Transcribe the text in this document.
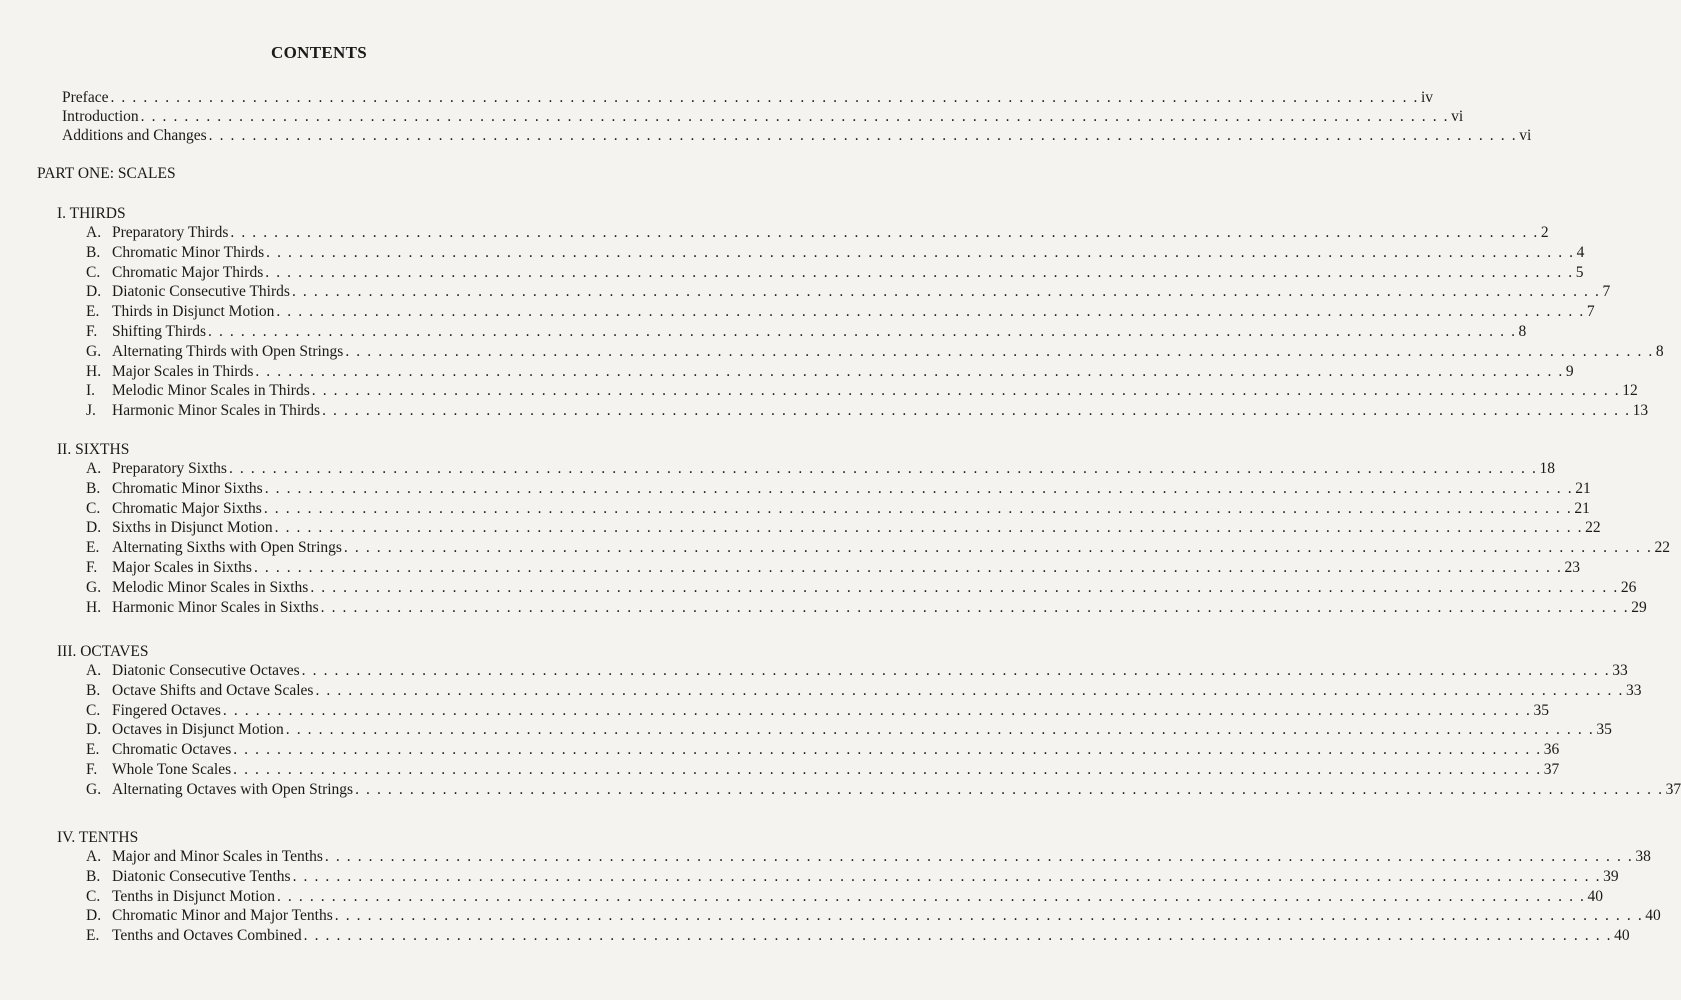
CONTENTS
Preface . . . . . . . . . . . . . . . . . . . . . . . . . . . . . . . . . . . . . . . . . . . . . . . . . . . . . . . . . . . . . . . . . . . . . . . . . . . . . . . . . . . . . . . . . . . . . . . . . . . . . . . . . . . . . . . . . . . . . . . . iv
Introduction . . . . . . . . . . . . . . . . . . . . . . . . . . . . . . . . . . . . . . . . . . . . . . . . . . . . . . . . . . . . . . . . . . . . . . . . . . . . . . . . . . . . . . . . . . . . . . . . . . . . . . . . . . . . . . . . . . . . . . . . vi
Additions and Changes . . . . . . . . . . . . . . . . . . . . . . . . . . . . . . . . . . . . . . . . . . . . . . . . . . . . . . . . . . . . . . . . . . . . . . . . . . . . . . . . . . . . . . . . . . . . . . . . . . . . . . . . . . . . . . . . . . . . . . . . vi
PART ONE: SCALES
I. THIRDS
A. Preparatory Thirds . . . . . . . . . . . . . . . . . . . . . . . . . . . . . . . . . . . . . . . . . . . . . . . . . . . . . . . . . . . . . . . . . . . . . . . . . . . . . . . . . . . . . . . . . . . . . . . . . . . . . . . . . . . . . . . . . . . . . . . . 2
B. Chromatic Minor Thirds . . . . . . . . . . . . . . . . . . . . . . . . . . . . . . . . . . . . . . . . . . . . . . . . . . . . . . . . . . . . . . . . . . . . . . . . . . . . . . . . . . . . . . . . . . . . . . . . . . . . . . . . . . . . . . . . . . . . . . . . 4
C. Chromatic Major Thirds . . . . . . . . . . . . . . . . . . . . . . . . . . . . . . . . . . . . . . . . . . . . . . . . . . . . . . . . . . . . . . . . . . . . . . . . . . . . . . . . . . . . . . . . . . . . . . . . . . . . . . . . . . . . . . . . . . . . . . . . 5
D. Diatonic Consecutive Thirds . . . . . . . . . . . . . . . . . . . . . . . . . . . . . . . . . . . . . . . . . . . . . . . . . . . . . . . . . . . . . . . . . . . . . . . . . . . . . . . . . . . . . . . . . . . . . . . . . . . . . . . . . . . . . . . . . . . . . . . . 7
E. Thirds in Disjunct Motion . . . . . . . . . . . . . . . . . . . . . . . . . . . . . . . . . . . . . . . . . . . . . . . . . . . . . . . . . . . . . . . . . . . . . . . . . . . . . . . . . . . . . . . . . . . . . . . . . . . . . . . . . . . . . . . . . . . . . . . . 7
F. Shifting Thirds . . . . . . . . . . . . . . . . . . . . . . . . . . . . . . . . . . . . . . . . . . . . . . . . . . . . . . . . . . . . . . . . . . . . . . . . . . . . . . . . . . . . . . . . . . . . . . . . . . . . . . . . . . . . . . . . . . . . . . . . 8
G. Alternating Thirds with Open Strings . . . . . . . . . . . . . . . . . . . . . . . . . . . . . . . . . . . . . . . . . . . . . . . . . . . . . . . . . . . . . . . . . . . . . . . . . . . . . . . . . . . . . . . . . . . . . . . . . . . . . . . . . . . . . . . . . . . . . . . . 8
H. Major Scales in Thirds . . . . . . . . . . . . . . . . . . . . . . . . . . . . . . . . . . . . . . . . . . . . . . . . . . . . . . . . . . . . . . . . . . . . . . . . . . . . . . . . . . . . . . . . . . . . . . . . . . . . . . . . . . . . . . . . . . . . . . . . 9
I.	Melodic Minor Scales in Thirds . . . . . . . . . . . . . . . . . . . . . . . . . . . . . . . . . . . . . . . . . . . . . . . . . . . . . . . . . . . . . . . . . . . . . . . . . . . . . . . . . . . . . . . . . . . . . . . . . . . . . . . . . . . . . . . . . . . . . . . . 12
J.	Harmonic Minor Scales in Thirds . . . . . . . . . . . . . . . . . . . . . . . . . . . . . . . . . . . . . . . . . . . . . . . . . . . . . . . . . . . . . . . . . . . . . . . . . . . . . . . . . . . . . . . . . . . . . . . . . . . . . . . . . . . . . . . . . . . . . . . . 13
II. SIXTHS
A. Preparatory Sixths . . . . . . . . . . . . . . . . . . . . . . . . . . . . . . . . . . . . . . . . . . . . . . . . . . . . . . . . . . . . . . . . . . . . . . . . . . . . . . . . . . . . . . . . . . . . . . . . . . . . . . . . . . . . . . . . . . . . . . . . 18
B. Chromatic Minor Sixths . . . . . . . . . . . . . . . . . . . . . . . . . . . . . . . . . . . . . . . . . . . . . . . . . . . . . . . . . . . . . . . . . . . . . . . . . . . . . . . . . . . . . . . . . . . . . . . . . . . . . . . . . . . . . . . . . . . . . . . . 21
C. Chromatic Major Sixths . . . . . . . . . . . . . . . . . . . . . . . . . . . . . . . . . . . . . . . . . . . . . . . . . . . . . . . . . . . . . . . . . . . . . . . . . . . . . . . . . . . . . . . . . . . . . . . . . . . . . . . . . . . . . . . . . . . . . . . . 21
D. Sixths in Disjunct Motion . . . . . . . . . . . . . . . . . . . . . . . . . . . . . . . . . . . . . . . . . . . . . . . . . . . . . . . . . . . . . . . . . . . . . . . . . . . . . . . . . . . . . . . . . . . . . . . . . . . . . . . . . . . . . . . . . . . . . . . . 22
E. Alternating Sixths with Open Strings . . . . . . . . . . . . . . . . . . . . . . . . . . . . . . . . . . . . . . . . . . . . . . . . . . . . . . . . . . . . . . . . . . . . . . . . . . . . . . . . . . . . . . . . . . . . . . . . . . . . . . . . . . . . . . . . . . . . . . . . 22
F. Major Scales in Sixths . . . . . . . . . . . . . . . . . . . . . . . . . . . . . . . . . . . . . . . . . . . . . . . . . . . . . . . . . . . . . . . . . . . . . . . . . . . . . . . . . . . . . . . . . . . . . . . . . . . . . . . . . . . . . . . . . . . . . . . . 23
G. Melodic Minor Scales in Sixths . . . . . . . . . . . . . . . . . . . . . . . . . . . . . . . . . . . . . . . . . . . . . . . . . . . . . . . . . . . . . . . . . . . . . . . . . . . . . . . . . . . . . . . . . . . . . . . . . . . . . . . . . . . . . . . . . . . . . . . . 26
H. Harmonic Minor Scales in Sixths . . . . . . . . . . . . . . . . . . . . . . . . . . . . . . . . . . . . . . . . . . . . . . . . . . . . . . . . . . . . . . . . . . . . . . . . . . . . . . . . . . . . . . . . . . . . . . . . . . . . . . . . . . . . . . . . . . . . . . . . 29
III. OCTAVES
A. Diatonic Consecutive Octaves . . . . . . . . . . . . . . . . . . . . . . . . . . . . . . . . . . . . . . . . . . . . . . . . . . . . . . . . . . . . . . . . . . . . . . . . . . . . . . . . . . . . . . . . . . . . . . . . . . . . . . . . . . . . . . . . . . . . . . . . 33
B. Octave Shifts and Octave Scales . . . . . . . . . . . . . . . . . . . . . . . . . . . . . . . . . . . . . . . . . . . . . . . . . . . . . . . . . . . . . . . . . . . . . . . . . . . . . . . . . . . . . . . . . . . . . . . . . . . . . . . . . . . . . . . . . . . . . . . . 33
C. Fingered Octaves . . . . . . . . . . . . . . . . . . . . . . . . . . . . . . . . . . . . . . . . . . . . . . . . . . . . . . . . . . . . . . . . . . . . . . . . . . . . . . . . . . . . . . . . . . . . . . . . . . . . . . . . . . . . . . . . . . . . . . . . 35
D. Octaves in Disjunct Motion . . . . . . . . . . . . . . . . . . . . . . . . . . . . . . . . . . . . . . . . . . . . . . . . . . . . . . . . . . . . . . . . . . . . . . . . . . . . . . . . . . . . . . . . . . . . . . . . . . . . . . . . . . . . . . . . . . . . . . . . 35
E. Chromatic Octaves . . . . . . . . . . . . . . . . . . . . . . . . . . . . . . . . . . . . . . . . . . . . . . . . . . . . . . . . . . . . . . . . . . . . . . . . . . . . . . . . . . . . . . . . . . . . . . . . . . . . . . . . . . . . . . . . . . . . . . . . 36
F. Whole Tone Scales . . . . . . . . . . . . . . . . . . . . . . . . . . . . . . . . . . . . . . . . . . . . . . . . . . . . . . . . . . . . . . . . . . . . . . . . . . . . . . . . . . . . . . . . . . . . . . . . . . . . . . . . . . . . . . . . . . . . . . . . 37
G. Alternating Octaves with Open Strings . . . . . . . . . . . . . . . . . . . . . . . . . . . . . . . . . . . . . . . . . . . . . . . . . . . . . . . . . . . . . . . . . . . . . . . . . . . . . . . . . . . . . . . . . . . . . . . . . . . . . . . . . . . . . . . . . . . . . . . . 37
IV. TENTHS
A. Major and Minor Scales in Tenths . . . . . . . . . . . . . . . . . . . . . . . . . . . . . . . . . . . . . . . . . . . . . . . . . . . . . . . . . . . . . . . . . . . . . . . . . . . . . . . . . . . . . . . . . . . . . . . . . . . . . . . . . . . . . . . . . . . . . . . . 38
B. Diatonic Consecutive Tenths . . . . . . . . . . . . . . . . . . . . . . . . . . . . . . . . . . . . . . . . . . . . . . . . . . . . . . . . . . . . . . . . . . . . . . . . . . . . . . . . . . . . . . . . . . . . . . . . . . . . . . . . . . . . . . . . . . . . . . . . 39
C. Tenths in Disjunct Motion . . . . . . . . . . . . . . . . . . . . . . . . . . . . . . . . . . . . . . . . . . . . . . . . . . . . . . . . . . . . . . . . . . . . . . . . . . . . . . . . . . . . . . . . . . . . . . . . . . . . . . . . . . . . . . . . . . . . . . . . 40
D. Chromatic Minor and Major Tenths . . . . . . . . . . . . . . . . . . . . . . . . . . . . . . . . . . . . . . . . . . . . . . . . . . . . . . . . . . . . . . . . . . . . . . . . . . . . . . . . . . . . . . . . . . . . . . . . . . . . . . . . . . . . . . . . . . . . . . . . 40
E. Tenths and Octaves Combined . . . . . . . . . . . . . . . . . . . . . . . . . . . . . . . . . . . . . . . . . . . . . . . . . . . . . . . . . . . . . . . . . . . . . . . . . . . . . . . . . . . . . . . . . . . . . . . . . . . . . . . . . . . . . . . . . . . . . . . . 40
